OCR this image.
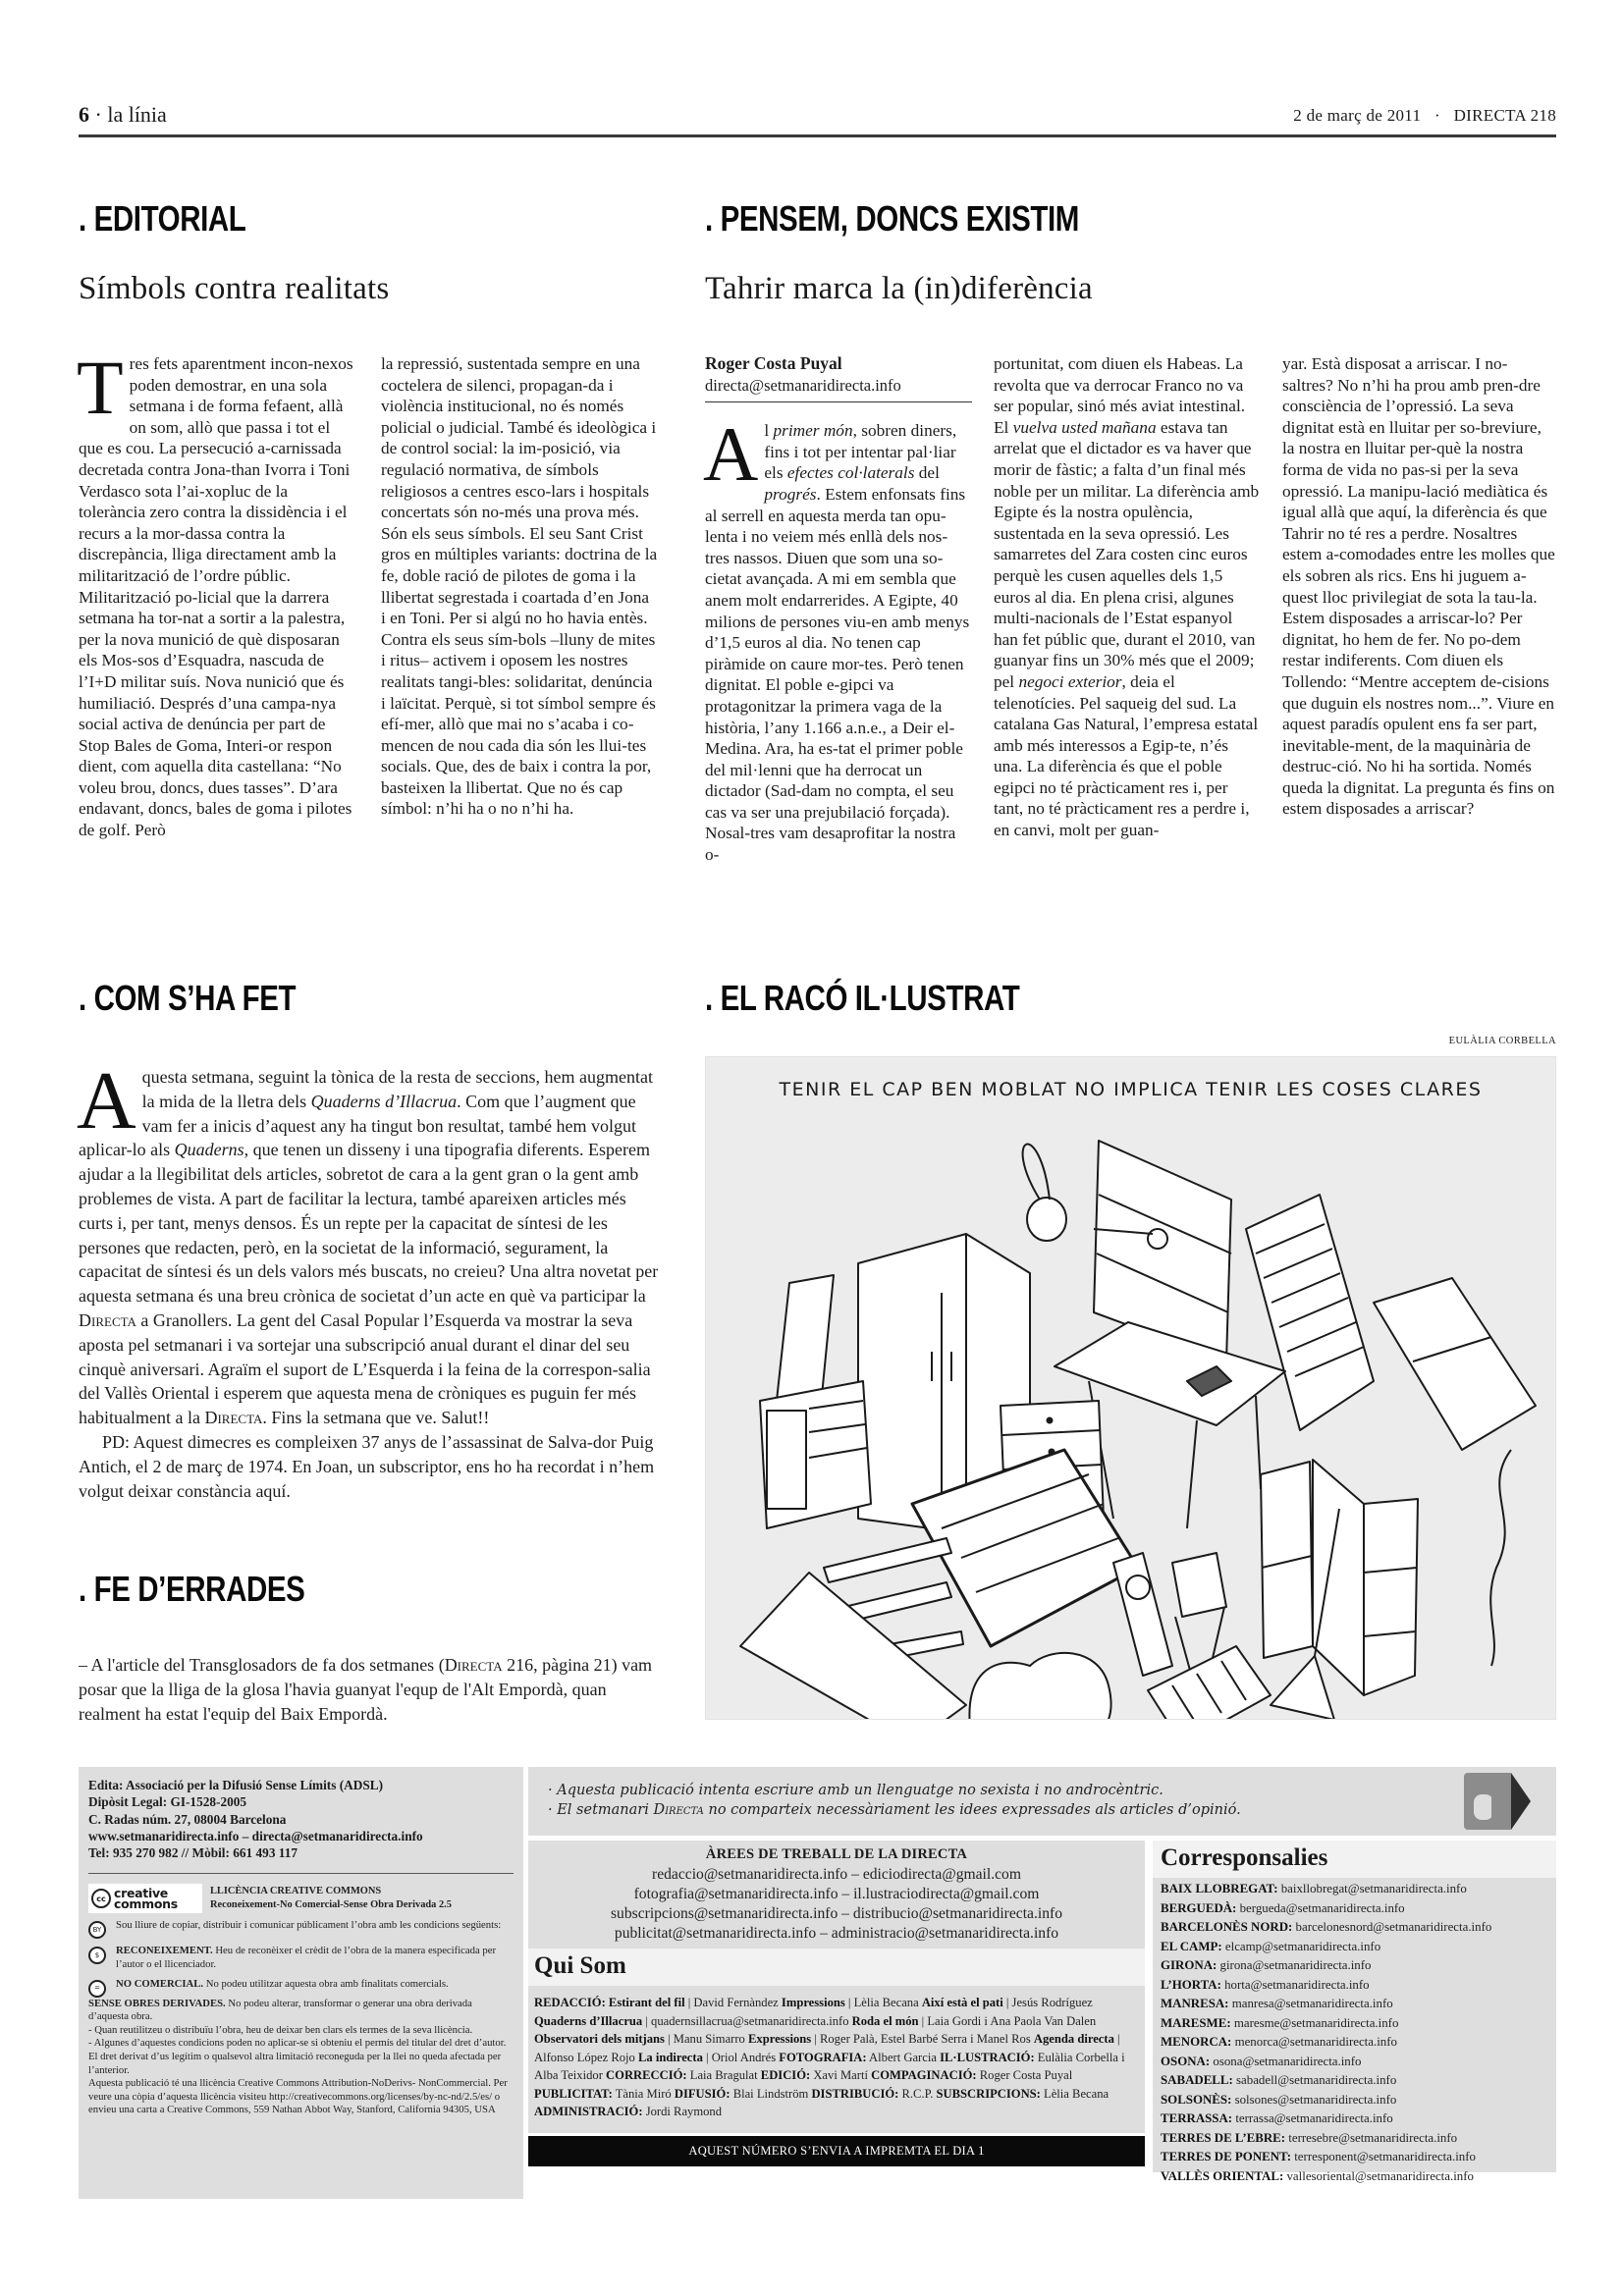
6 · la línia	2 de març de 2011   ·   DIRECTA 218
. EDITORIAL
Símbols contra realitats
T res fets aparentment incon-nexos poden demostrar, en una sola setmana i de forma fefaent, allà on som, allò que passa i tot el que es cou. La persecució a-carnissada decretada contra Jona-than Ivorra i Toni Verdasco sota l’ai-xopluc de la tolerància zero contra la dissidència i el recurs a la mor-dassa contra la discrepància, lliga directament amb la militarització de l’ordre públic. Militarització po-licial que la darrera setmana ha tor-nat a sortir a la palestra, per la nova munició de què disposaran els Mos-sos d’Esquadra, nascuda de l’I+D militar suís. Nova nunició que és humiliació. Després d’una campa-nya social activa de denúncia per part de Stop Bales de Goma, Interi-or respon dient, com aquella dita castellana: “No voleu brou, doncs, dues tasses”. D’ara endavant, doncs, bales de goma i pilotes de golf. Però
la repressió, sustentada sempre en una coctelera de silenci, propagan-da i violència institucional, no és només policial o judicial. També és ideològica i de control social: la im-posició, via regulació normativa, de símbols religiosos a centres esco-lars i hospitals concertats són no-més una prova més. Són els seus símbols. El seu Sant Crist gros en múltiples variants: doctrina de la fe, doble ració de pilotes de goma i la llibertat segrestada i coartada d’en Jona i en Toni. Per si algú no ho havia entès. Contra els seus sím-bols –lluny de mites i ritus– activem i oposem les nostres realitats tangi-bles: solidaritat, denúncia i laïcitat. Perquè, si tot símbol sempre és efí-mer, allò que mai no s’acaba i co-mencen de nou cada dia són les llui-tes socials. Que, des de baix i contra la por, basteixen la llibertat. Que no és cap símbol: n’hi ha o no n’hi ha.
. PENSEM, DONCS EXISTIM
Tahrir marca la (in)diferència
Roger Costa Puyal
directa@setmanaridirecta.info
A l primer món, sobren diners, fins i tot per intentar pal·liar els efectes col·laterals del progrés. Estem enfonsats fins al serrell en aquesta merda tan opu-lenta i no veiem més enllà dels nos-tres nassos. Diuen que som una so-cietat avançada. A mi em sembla que anem molt endarrerides. A Egipte, 40 milions de persones viu-en amb menys d’1,5 euros al dia. No tenen cap piràmide on caure mor-tes. Però tenen dignitat. El poble e-gipci va protagonitzar la primera vaga de la història, l’any 1.166 a.n.e., a Deir el-Medina. Ara, ha es-tat el primer poble del mil·lenni que ha derrocat un dictador (Sad-dam no compta, el seu cas va ser una prejubilació forçada). Nosal-tres vam desaprofitar la nostra o-
portunitat, com diuen els Habeas. La revolta que va derrocar Franco no va ser popular, sinó més aviat intestinal. El vuelva usted mañana estava tan arrelat que el dictador es va haver que morir de fàstic; a falta d’un final més noble per un militar. La diferència amb Egipte és la nostra opulència, sustentada en la seva opressió. Les samarretes del Zara costen cinc euros perquè les cusen aquelles dels 1,5 euros al dia. En plena crisi, algunes multi-nacionals de l’Estat espanyol han fet públic que, durant el 2010, van guanyar fins un 30% més que el 2009; pel negoci exterior, deia el telenotícies. Pel saqueig del sud. La catalana Gas Natural, l’empresa estatal amb més interessos a Egip-te, n’és una. La diferència és que el poble egipci no té pràcticament res i, per tant, no té pràcticament res a perdre i, en canvi, molt per guan-
yar. Està disposat a arriscar. I no-saltres? No n’hi ha prou amb pren-dre consciència de l’opressió. La seva dignitat està en lluitar per so-breviure, la nostra en lluitar per-què la nostra forma de vida no pas-si per la seva opressió. La manipu-lació mediàtica és igual allà que aquí, la diferència és que Tahrir no té res a perdre. Nosaltres estem a-comodades entre les molles que els sobren als rics. Ens hi juguem a-quest lloc privilegiat de sota la tau-la. Estem disposades a arriscar-lo? Per dignitat, ho hem de fer. No po-dem restar indiferents. Com diuen els Tollendo: “Mentre acceptem de-cisions que duguin els nostres nom...”. Viure en aquest paradís opulent ens fa ser part, inevitable-ment, de la maquinària de destruc-ció. No hi ha sortida. Només queda la dignitat. La pregunta és fins on estem disposades a arriscar?
. COM S’HA FET
Aquesta setmana, seguint la tònica de la resta de seccions, hem augmentat la mida de la lletra dels Quaderns d’Illacrua. Com que l’augment que vam fer a inicis d’aquest any ha tingut bon resultat, també hem volgut aplicar-lo als Quaderns, que tenen un disseny i una tipografia diferents. Esperem ajudar a la llegibilitat dels articles, sobretot de cara a la gent gran o la gent amb problemes de vista. A part de facilitar la lectura, també apareixen articles més curts i, per tant, menys densos. És un repte per la capacitat de síntesi de les persones que redacten, però, en la societat de la informació, segurament, la capacitat de síntesi és un dels valors més buscats, no creieu? Una altra novetat per aquesta setmana és una breu crònica de societat d’un acte en què va participar la Directa a Granollers. La gent del Casal Popular l’Esquerda va mostrar la seva aposta pel setmanari i va sortejar una subscripció anual durant el dinar del seu cinquè aniversari. Agraïm el suport de L’Esquerda i la feina de la correspon-salia del Vallès Oriental i esperem que aquesta mena de cròniques es puguin fer més habitualment a la Directa. Fins la setmana que ve. Salut!!
PD: Aquest dimecres es compleixen 37 anys de l’assassinat de Salva-dor Puig Antich, el 2 de març de 1974. En Joan, un subscriptor, ens ho ha recordat i n’hem volgut deixar constància aquí.
. FE D’ERRADES
– A l'article del Transglosadors de fa dos setmanes (Directa 216, pàgina 21) vam posar que la lliga de la glosa l'havia guanyat l'equp de l'Alt Empordà, quan realment ha estat l'equip del Baix Empordà.
. EL RACÓ IL·LUSTRAT
EULÀLIA CORBELLA
TENIR EL CAP BEN MOBLAT NO IMPLICA TENIR LES COSES CLARES
Edita: Associació per la Difusió Sense Límits (ADSL)
Dipòsit Legal: GI-1528-2005
C. Radas núm. 27, 08004 Barcelona
www.setmanaridirecta.info – directa@setmanaridirecta.info
Tel: 935 270 982 // Mòbil: 661 493 117
cc creative
commons
LLICÈNCIA CREATIVE COMMONS
Reconeixement-No Comercial-Sense Obra Derivada 2.5
BY	Sou lliure de copiar, distribuir i comunicar públicament l’obra amb les condicions següents:
$	RECONEIXEMENT. Heu de reconèixer el crèdit de l’obra de la manera especificada per l’autor o el llicenciador.
=	NO COMERCIAL. No podeu utilitzar aquesta obra amb finalitats comercials.
SENSE OBRES DERIVADES. No podeu alterar, transformar o generar una obra derivada d’aquesta obra.
- Quan reutilitzeu o distribuïu l’obra, heu de deixar ben clars els termes de la seva llicència.
- Algunes d’aquestes condicions poden no aplicar-se si obteniu el permís del titular del dret d’autor. El dret derivat d’us legítim o qualsevol altra limitació reconeguda per la llei no queda afectada per l’anterior.
Aquesta publicació té una llicència Creative Commons Attribution-NoDerivs- NonCommercial. Per veure una còpia d’aquesta llicència visiteu http://creativecommons.org/licenses/by-nc-nd/2.5/es/ o envieu una carta a Creative Commons, 559 Nathan Abbot Way, Stanford, California 94305, USA
· Aquesta publicació intenta escriure amb un llenguatge no sexista i no androcèntric.
· El setmanari Directa no comparteix necessàriament les idees expressades als articles d’opinió.
ÀREES DE TREBALL DE LA DIRECTA
redaccio@setmanaridirecta.info – ediciodirecta@gmail.com
fotografia@setmanaridirecta.info – il.lustraciodirecta@gmail.com
subscripcions@setmanaridirecta.info – distribucio@setmanaridirecta.info
publicitat@setmanaridirecta.info – administracio@setmanaridirecta.info
Qui Som
REDACCIÓ: Estirant del fil | David Fernàndez Impressions | Lèlia Becana Així està el pati | Jesús Rodríguez Quaderns d’Illacrua | quadernsillacrua@setmanaridirecta.info Roda el món | Laia Gordi i Ana Paola Van Dalen Observatori dels mitjans | Manu Simarro Expressions | Roger Palà, Estel Barbé Serra i Manel Ros Agenda directa | Alfonso López Rojo La indirecta | Oriol Andrés FOTOGRAFIA: Albert Garcia IL·LUSTRACIÓ: Eulàlia Corbella i Alba Teixidor CORRECCIÓ: Laia Bragulat EDICIÓ: Xavi Martí COMPAGINACIÓ: Roger Costa Puyal PUBLICITAT: Tània Miró DIFUSIÓ: Blai Lindström DISTRIBUCIÓ: R.C.P. SUBSCRIPCIONS: Lèlia Becana ADMINISTRACIÓ: Jordi Raymond
AQUEST NÚMERO S’ENVIA A IMPREMTA EL DIA 1
Corresponsalies
BAIX LLOBREGAT: baixllobregat@setmanaridirecta.info
BERGUEDÀ: bergueda@setmanaridirecta.info
BARCELONÈS NORD: barcelonesnord@setmanaridirecta.info
EL CAMP: elcamp@setmanaridirecta.info
GIRONA: girona@setmanaridirecta.info
L’HORTA: horta@setmanaridirecta.info
MANRESA: manresa@setmanaridirecta.info
MARESME: maresme@setmanaridirecta.info
MENORCA: menorca@setmanaridirecta.info
OSONA: osona@setmanaridirecta.info
SABADELL: sabadell@setmanaridirecta.info
SOLSONÈS: solsones@setmanaridirecta.info
TERRASSA: terrassa@setmanaridirecta.info
TERRES DE L’EBRE: terresebre@setmanaridirecta.info
TERRES DE PONENT: terresponent@setmanaridirecta.info
VALLÈS ORIENTAL: vallesoriental@setmanaridirecta.info
